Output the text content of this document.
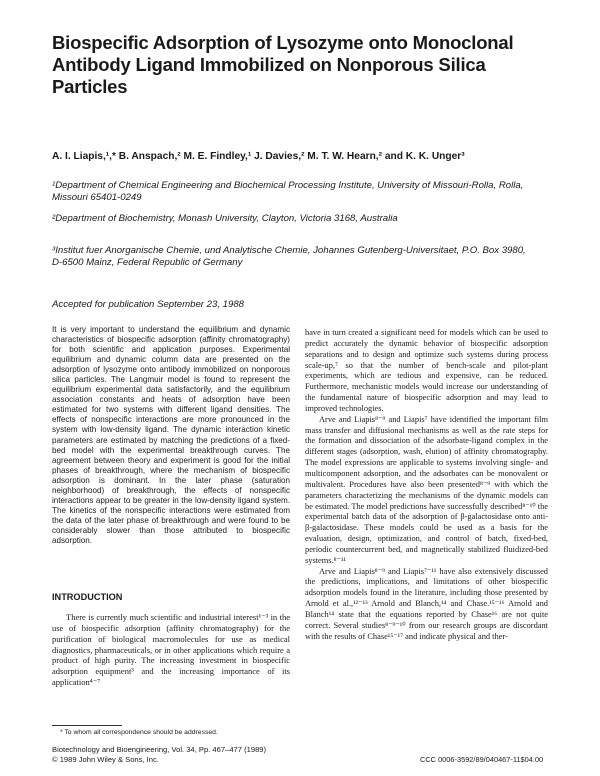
Biospecific Adsorption of Lysozyme onto Monoclonal Antibody Ligand Immobilized on Nonporous Silica Particles
A. I. Liapis,¹,* B. Anspach,² M. E. Findley,¹ J. Davies,² M. T. W. Hearn,² and K. K. Unger³
¹Department of Chemical Engineering and Biochemical Processing Institute, University of Missouri-Rolla, Rolla, Missouri 65401-0249
²Department of Biochemistry, Monash University, Clayton, Victoria 3168, Australia
³Institut fuer Anorganische Chemie, und Analytische Chemie, Johannes Gutenberg-Universitaet, P.O. Box 3980, D-6500 Mainz, Federal Republic of Germany
Accepted for publication September 23, 1988
It is very important to understand the equilibrium and dynamic characteristics of biospecific adsorption (affinity chromatography) for both scientific and application purposes. Experimental equilibrium and dynamic column data are presented on the adsorption of lysozyme onto antibody immobilized on nonporous silica particles. The Langmuir model is found to represent the equilibrium experimental data satisfactorily, and the equilibrium association constants and heats of adsorption have been estimated for two systems with different ligand densities. The effects of nonspecific interactions are more pronounced in the system with low-density ligand. The dynamic interaction kinetic parameters are estimated by matching the predictions of a fixed-bed model with the experimental breakthrough curves. The agreement between theory and experiment is good for the initial phases of breakthrough, where the mechanism of biospecific adsorption is dominant. In the later phase (saturation neighborhood) of breakthrough, the effects of nonspecific interactions appear to be greater in the low-density ligand system. The kinetics of the nonspecific interactions were estimated from the data of the later phase of breakthrough and were found to be considerably slower than those attributed to biospecific adsorption.
INTRODUCTION

There is currently much scientific and industrial interest¹⁻³ in the use of biospecific adsorption (affinity chromatography) for the purification of biological macromolecules for use as medical diagnostics, pharmaceuticals, or in other applications which require a product of high purity. The increasing investment in biospecific adsorption equipment³ and the increasing importance of its application⁴⁻⁷

have in turn created a significant need for models which can be used to predict accurately the dynamic behavior of biospecific adsorption separations and to design and optimize such systems during process scale-up,⁷ so that the number of bench-scale and pilot-plant experiments, which are tedious and expensive, can be reduced. Furthermore, mechanistic models would increase our understanding of the fundamental nature of biospecific adsorption and may lead to improved technologies.

Arve and Liapis⁸⁻⁹ and Liapis⁷ have identified the important film mass transfer and diffusional mechanisms as well as the rate steps for the formation and dissociation of the adsorbate-ligand complex in the different stages (adsorption, wash, elution) of affinity chromatography. The model expressions are applicable to systems involving single- and multicomponent adsorption, and the adsorbates can be monovalent or multivalent. Procedures have also been presented⁸⁻⁹ with which the parameters characterizing the mechanisms of the dynamic models can be estimated. The model predictions have successfully described⁸⁻¹⁰ the experimental batch data of the adsorption of β-galactosidase onto anti-β-galactosidase. These models could be used as a basis for the evaluation, design, optimization, and control of batch, fixed-bed, periodic countercurrent bed, and magnetically stabilized fluidized-bed systems.⁸⁻¹¹

Arve and Liapis⁸⁻⁹ and Liapis⁷⁻¹¹ have also extensively discussed the predictions, implications, and limitations of other biospecific adsorption models found in the literature, including those presented by Arnold et al.,¹²⁻¹³ Arnold and Blanch,¹⁴ and Chase.¹⁵⁻¹⁶ Arnold and Blanch¹⁴ state that the equations reported by Chase¹⁶ are not quite correct. Several studies⁸⁻⁹⁻¹⁰ from our research groups are discordant with the results of Chase¹⁵⁻¹⁷ and indicate physical and ther-

* To whom all correspondence should be addressed.
Biotechnology and Bioengineering, Vol. 34, Pp. 467–477 (1989)
© 1989 John Wiley & Sons, Inc.	CCC 0006-3592/89/040467-11$04.00
